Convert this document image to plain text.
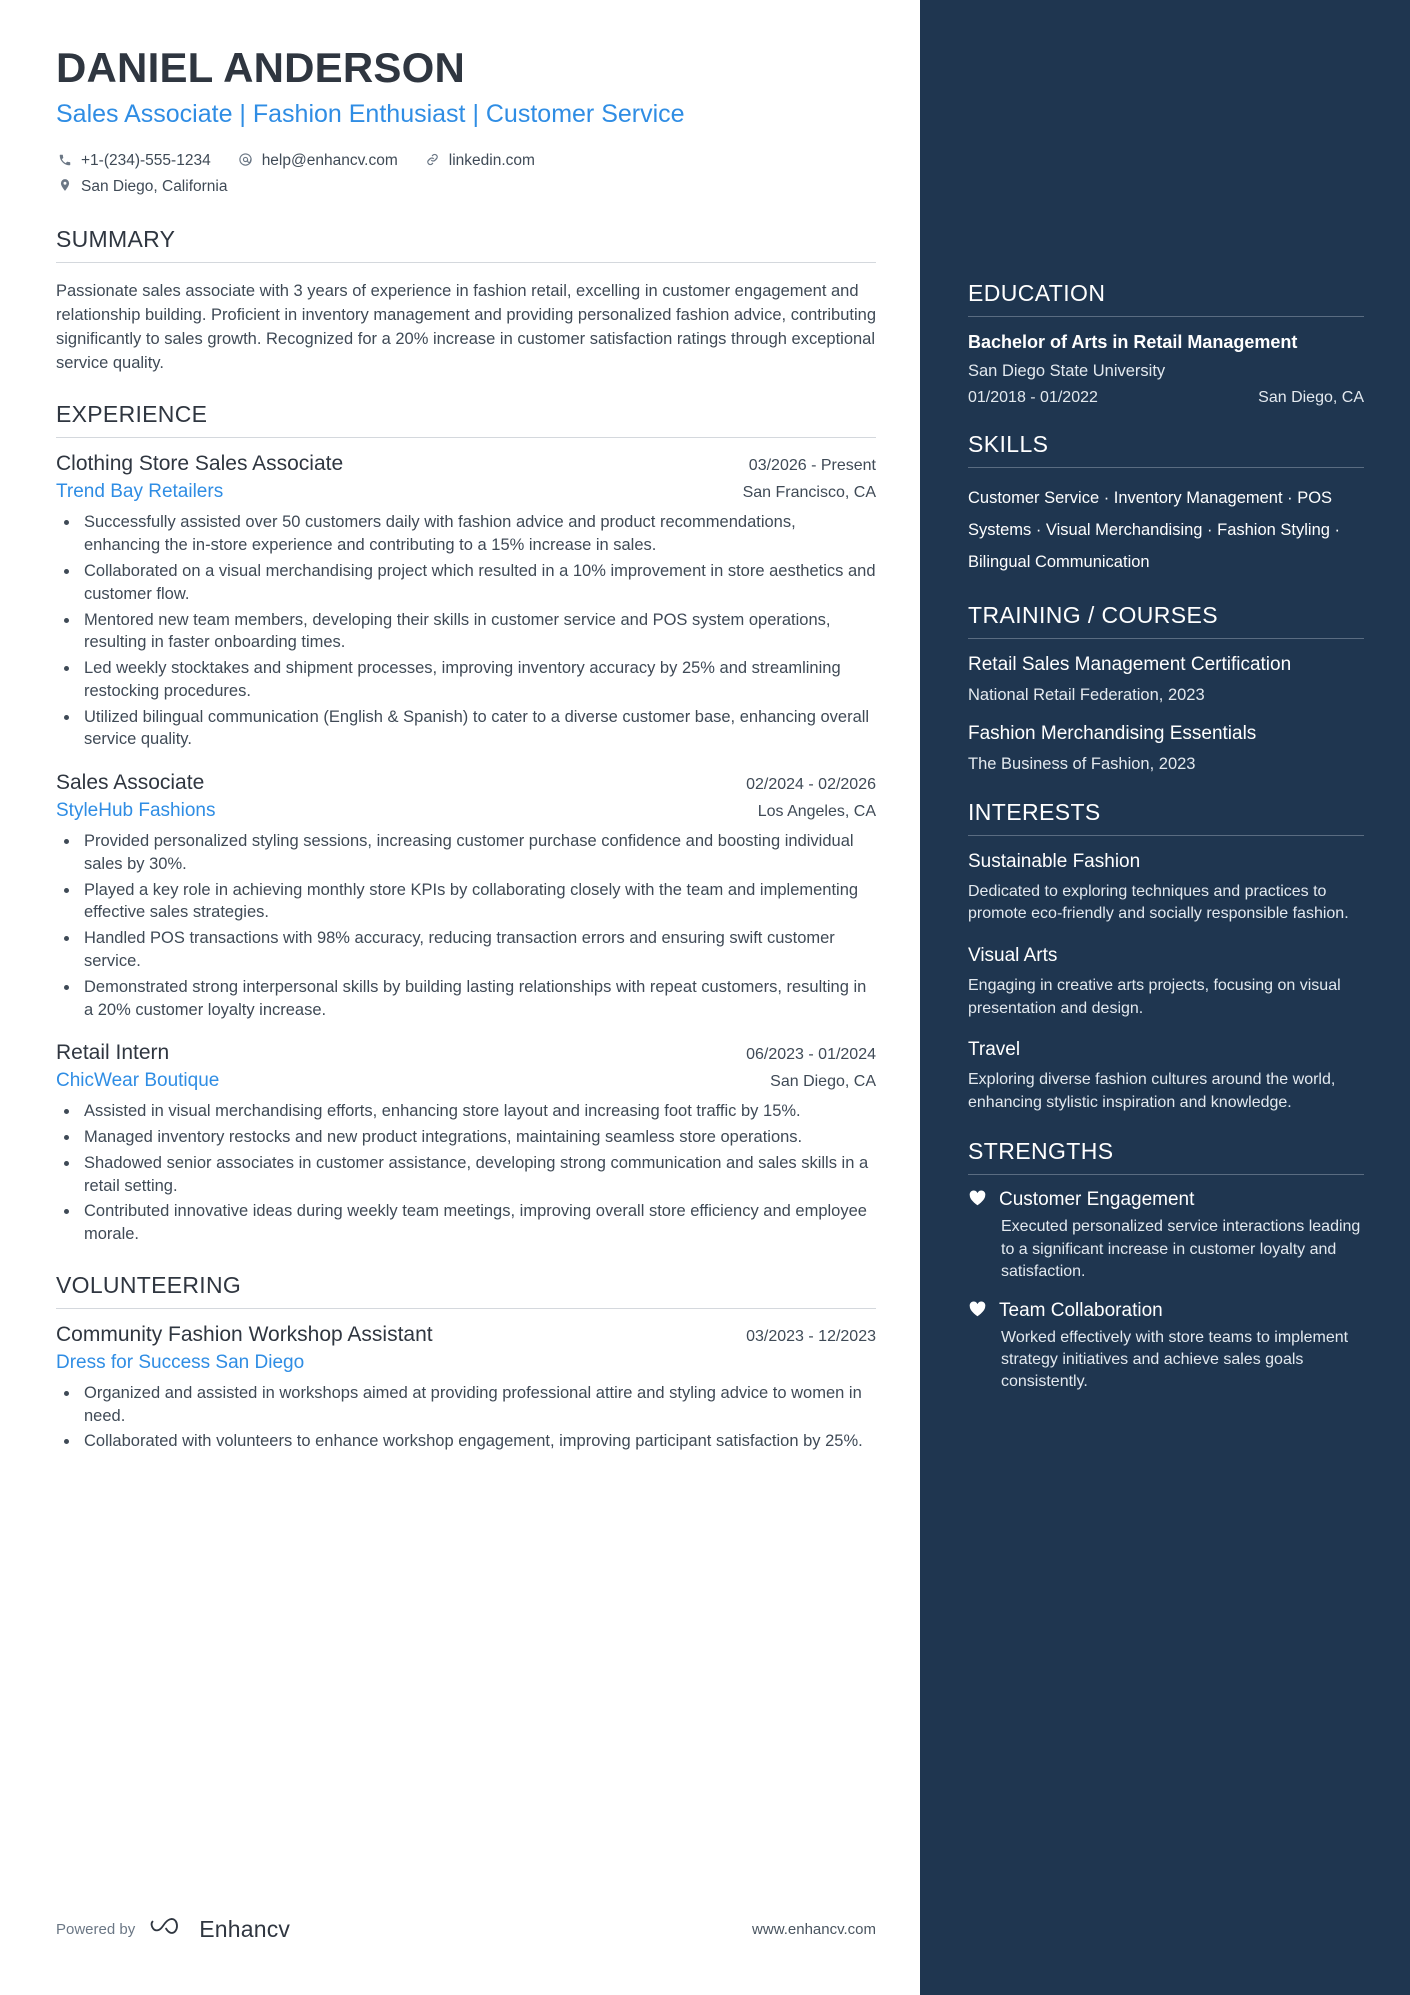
DANIEL ANDERSON
Sales Associate | Fashion Enthusiast | Customer Service
+1-(234)-555-1234	help@enhancv.com	linkedin.com
San Diego, California
SUMMARY

Passionate sales associate with 3 years of experience in fashion retail, excelling in customer engagement and relationship building. Proficient in inventory management and providing personalized fashion advice, contributing significantly to sales growth. Recognized for a 20% increase in customer satisfaction ratings through exceptional service quality.

EXPERIENCE
Clothing Store Sales Associate	03/2026 - Present
Trend Bay Retailers	San Francisco, CA
• Successfully assisted over 50 customers daily with fashion advice and product recommendations, enhancing the in-store experience and contributing to a 15% increase in sales.
• Collaborated on a visual merchandising project which resulted in a 10% improvement in store aesthetics and customer flow.
• Mentored new team members, developing their skills in customer service and POS system operations, resulting in faster onboarding times.
• Led weekly stocktakes and shipment processes, improving inventory accuracy by 25% and streamlining restocking procedures.
• Utilized bilingual communication (English & Spanish) to cater to a diverse customer base, enhancing overall service quality.
Sales Associate	02/2024 - 02/2026
StyleHub Fashions	Los Angeles, CA
• Provided personalized styling sessions, increasing customer purchase confidence and boosting individual sales by 30%.
• Played a key role in achieving monthly store KPIs by collaborating closely with the team and implementing effective sales strategies.
• Handled POS transactions with 98% accuracy, reducing transaction errors and ensuring swift customer service.
• Demonstrated strong interpersonal skills by building lasting relationships with repeat customers, resulting in a 20% customer loyalty increase.
Retail Intern	06/2023 - 01/2024
ChicWear Boutique	San Diego, CA
• Assisted in visual merchandising efforts, enhancing store layout and increasing foot traffic by 15%.
• Managed inventory restocks and new product integrations, maintaining seamless store operations.
• Shadowed senior associates in customer assistance, developing strong communication and sales skills in a retail setting.
• Contributed innovative ideas during weekly team meetings, improving overall store efficiency and employee morale.
VOLUNTEERING
Community Fashion Workshop Assistant	03/2023 - 12/2023
Dress for Success San Diego
• Organized and assisted in workshops aimed at providing professional attire and styling advice to women in need.
• Collaborated with volunteers to enhance workshop engagement, improving participant satisfaction by 25%.
Powered by	Enhancv	www.enhancv.com
EDUCATION
Bachelor of Arts in Retail Management
San Diego State University
01/2018 - 01/2022	San Diego, CA
SKILLS
Customer Service · Inventory Management · POS Systems · Visual Merchandising · Fashion Styling · Bilingual Communication
TRAINING / COURSES
Retail Sales Management Certification
National Retail Federation, 2023
Fashion Merchandising Essentials
The Business of Fashion, 2023
INTERESTS
Sustainable Fashion
Dedicated to exploring techniques and practices to promote eco-friendly and socially responsible fashion.
Visual Arts
Engaging in creative arts projects, focusing on visual presentation and design.
Travel
Exploring diverse fashion cultures around the world, enhancing stylistic inspiration and knowledge.
STRENGTHS
Customer Engagement
Executed personalized service interactions leading to a significant increase in customer loyalty and satisfaction.
Team Collaboration
Worked effectively with store teams to implement strategy initiatives and achieve sales goals consistently.
